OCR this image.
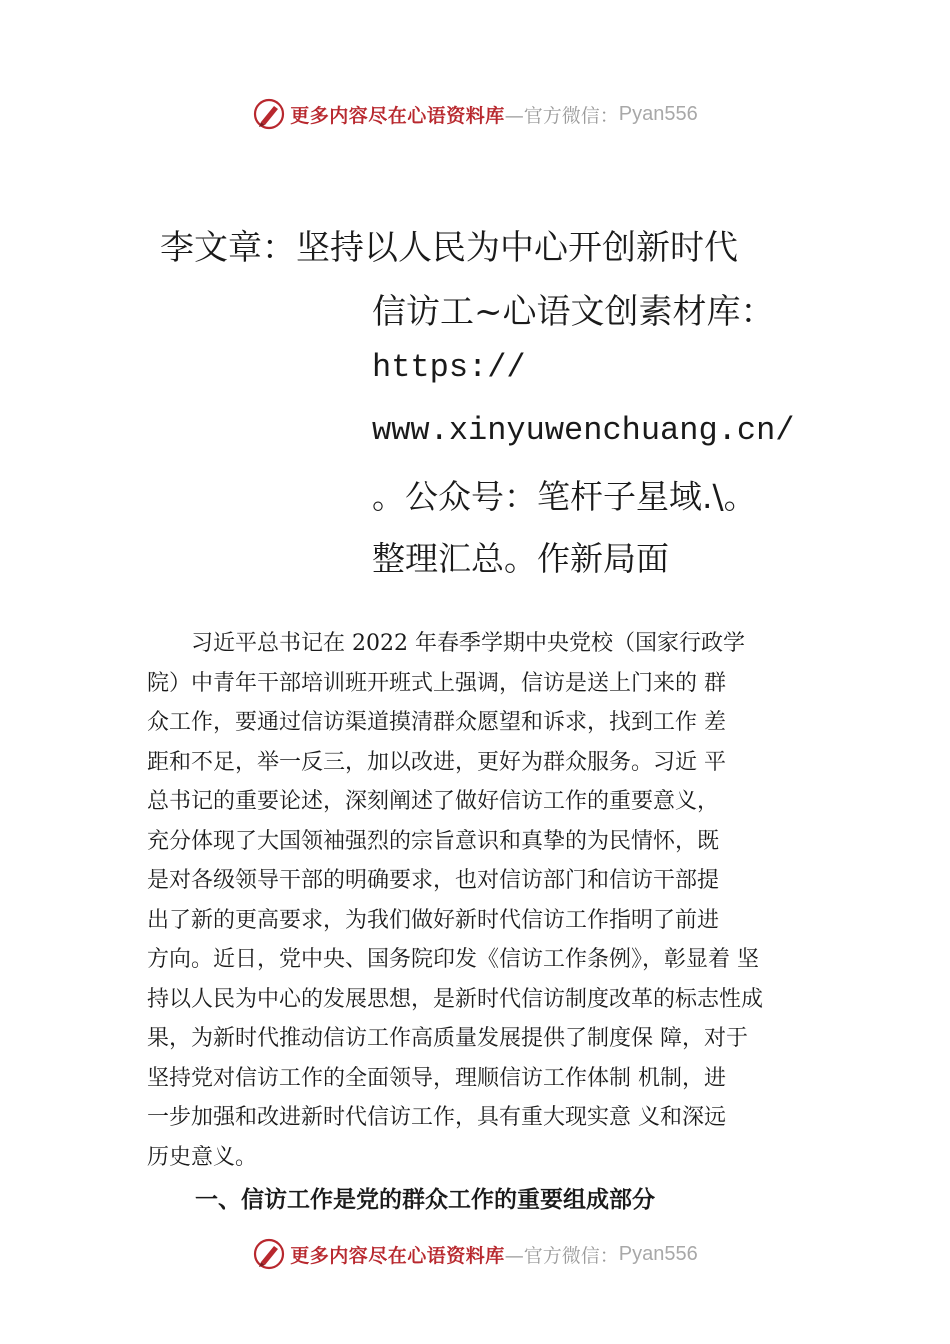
更多内容尽在心语资料库 —官方微信： Pyan556
李文章：坚持以人民为中心开创新时代
信访工~心语文创素材库：
https://
www.xinyuwenchuang.cn/
。公众号：笔杆子星域.\。
整理汇总。作新局面
习近平总书记在 2022 年春季学期中央党校（国家行政学
院）中青年干部培训班开班式上强调，信访是送上门来的 群
众工作，要通过信访渠道摸清群众愿望和诉求，找到工作 差
距和不足，举一反三，加以改进，更好为群众服务。习近 平
总书记的重要论述，深刻阐述了做好信访工作的重要意义，
充分体现了大国领袖强烈的宗旨意识和真挚的为民情怀，既
是对各级领导干部的明确要求，也对信访部门和信访干部提
出了新的更高要求，为我们做好新时代信访工作指明了前进
方向。近日，党中央、国务院印发《信访工作条例》，彰显着 坚
持以人民为中心的发展思想，是新时代信访制度改革的标志性成
果，为新时代推动信访工作高质量发展提供了制度保 障，对于
坚持党对信访工作的全面领导，理顺信访工作体制 机制，进
一步加强和改进新时代信访工作，具有重大现实意 义和深远
历史意义。
一、信访工作是党的群众工作的重要组成部分
更多内容尽在心语资料库 —官方微信： Pyan556
